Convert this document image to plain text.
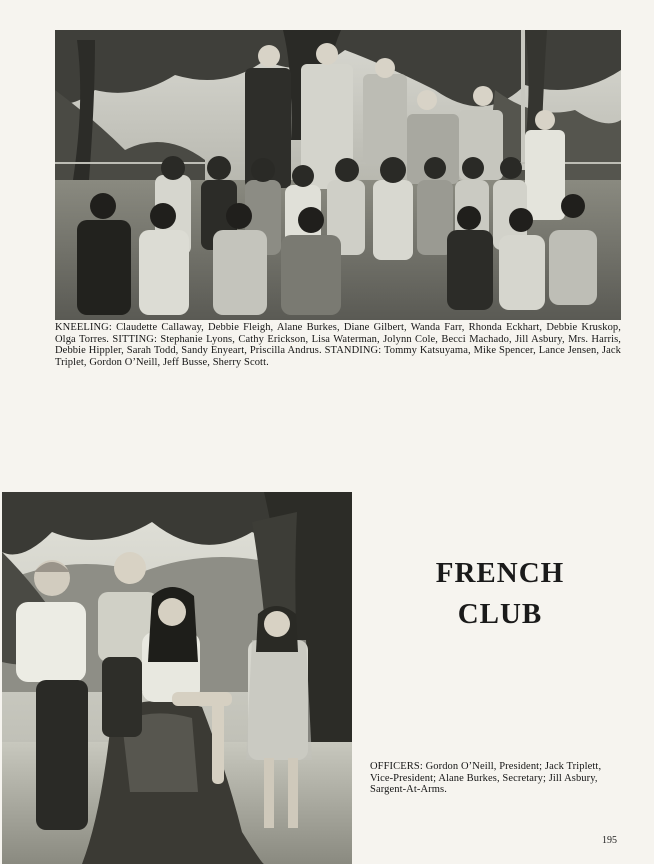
KNEELING: Claudette Callaway, Debbie Fleigh, Alane Burkes, Diane Gilbert, Wanda Farr, Rhonda Eckhart, Debbie Kruskop, Olga Torres. SITTING: Stephanie Lyons, Cathy Erickson, Lisa Waterman, Jolynn Cole, Becci Machado, Jill Asbury, Mrs. Harris, Debbie Hippler, Sarah Todd, Sandy Enyeart, Priscilla Andrus. STANDING: Tommy Katsuyama, Mike Spencer, Lance Jensen, Jack Triplet, Gordon O’Neill, Jeff Busse, Sherry Scott.
FRENCH
CLUB
OFFICERS: Gordon O’Neill, President; Jack Triplett, Vice-President; Alane Burkes, Secretary; Jill Asbury, Sargent-At-Arms.
195
